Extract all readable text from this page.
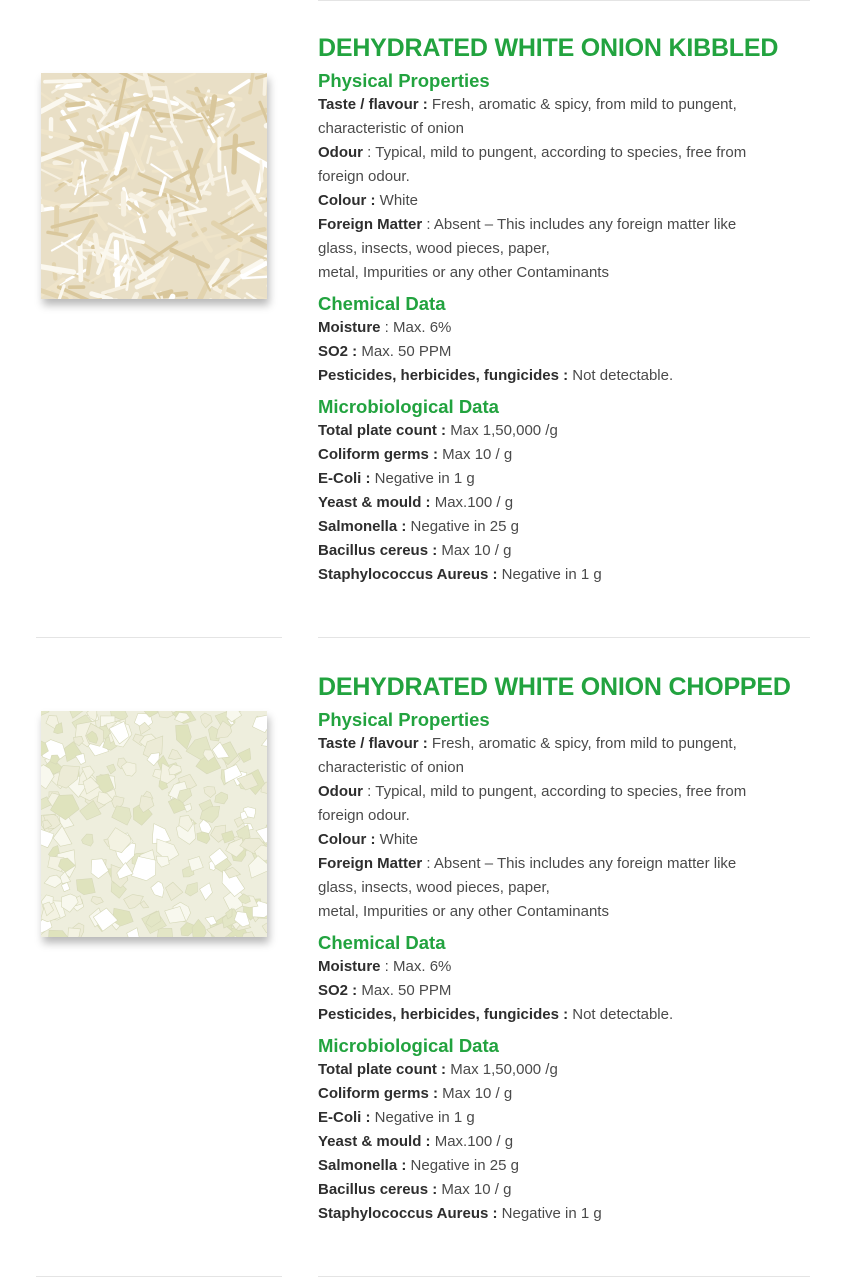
DEHYDRATED WHITE ONION KIBBLED
Physical Properties

Taste / flavour : Fresh, aromatic & spicy, from mild to pungent,

characteristic of onion

Odour : Typical, mild to pungent, according to species, free from

foreign odour.

Colour : White

Foreign Matter : Absent – This includes any foreign matter like

glass, insects, wood pieces, paper,

metal, Impurities or any other Contaminants

Chemical Data

Moisture : Max. 6%

SO2 : Max. 50 PPM

Pesticides, herbicides, fungicides : Not detectable.

Microbiological Data

Total plate count : Max 1,50,000 /g

Coliform germs : Max 10 / g

E-Coli : Negative in 1 g

Yeast & mould : Max.100 / g

Salmonella : Negative in 25 g

Bacillus cereus : Max 10 / g

Staphylococcus Aureus : Negative in 1 g

DEHYDRATED WHITE ONION CHOPPED
Physical Properties

Taste / flavour : Fresh, aromatic & spicy, from mild to pungent,

characteristic of onion

Odour : Typical, mild to pungent, according to species, free from

foreign odour.

Colour : White

Foreign Matter : Absent – This includes any foreign matter like

glass, insects, wood pieces, paper,

metal, Impurities or any other Contaminants

Chemical Data

Moisture : Max. 6%

SO2 : Max. 50 PPM

Pesticides, herbicides, fungicides : Not detectable.

Microbiological Data

Total plate count : Max 1,50,000 /g

Coliform germs : Max 10 / g

E-Coli : Negative in 1 g

Yeast & mould : Max.100 / g

Salmonella : Negative in 25 g

Bacillus cereus : Max 10 / g

Staphylococcus Aureus : Negative in 1 g
